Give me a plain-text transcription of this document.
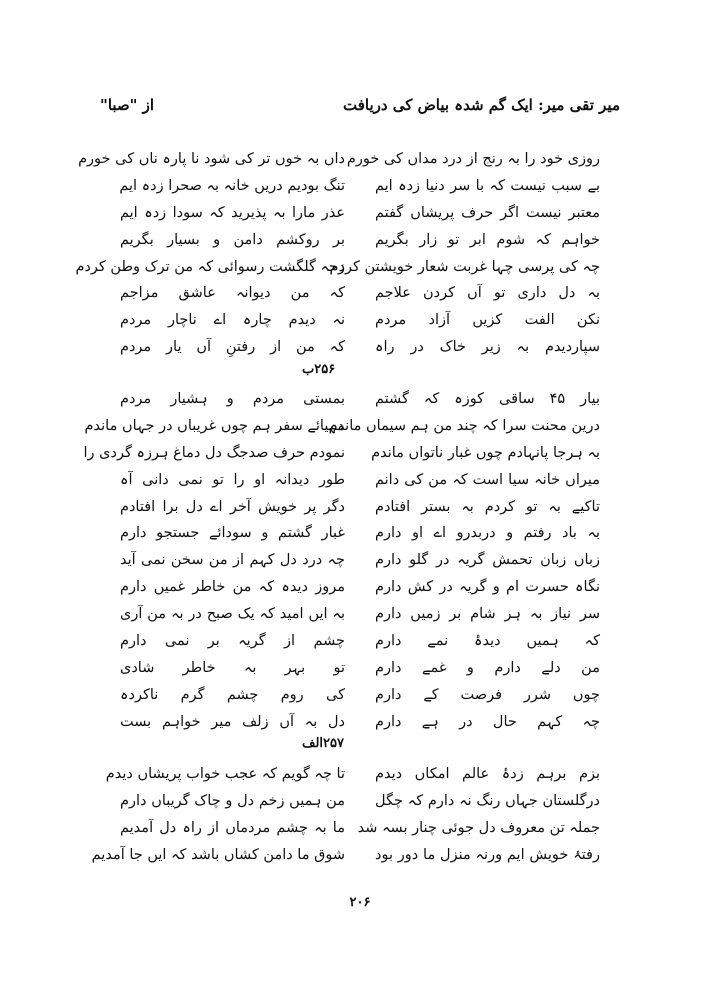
میر تقی میر: ایک گم شدہ بیاض کی دریافت
از "صبا"
روزی خود را بہ رنج از درد مداں کی خورم
داں بہ خوں تر کی شود نا پارہ ناں کی خورم
بے سبب نیست کہ با سر دنیا زدہ ایم
تنگ بودیم دریں خانہ بہ صحرا زدہ ایم
معتبر نیست اگر حرف پریشاں گفتم
عذر مارا بہ پذیرید کہ سودا زدہ ایم
خواہم کہ شوم ابر تو زار بگریم
بر روکشم دامن و بسیار بگریم
چہ کی پرسی چہا غربت شعار خویشتن کردم
زحہ گلگشت رسوائی کہ من ترک وطن کردم
بہ دل داری تو آں کردن علاجم
کہ من دیوانہ عاشق مزاجم
نکن الفت کزیں آزاد مردم
نہ دیدم چارہ اے ناچار مردم
سپاردیدم بہ زیر خاک در راہ
کہ من از رفتنِ آں یار مردم
۲۵۶ب
بیار ۴۵ ساقی کوزہ کہ گشتم
بمستی مردم و ہشیار مردم
درین محنت سرا کہ چند من ہم سیماں ماندم
مہیائے سفر ہم چوں غریباں در جہاں ماندم
بہ ہرجا پانہادم چوں غبار ناتواں ماندم
نمودم حرف صدجگ دل دماغ ہرزہ گردی را
میراں خانہ سیا است کہ من کی دانم
طور دیدانہ او را تو نمی دانی آہ
تاکیے بہ تو کردم بہ بستر افتادم
دگر پر خویش آخر اے دل برا افتادم
بہ باد رفتم و دربدرو اے او دارم
غبار گشتم و سودائے جستجو دارم
زباں زبان تحمش گریہ در گلو دارم
چہ درد دل کہم از من سخن نمی آید
نگاہ حسرت ام و گریہ در کش دارم
مروز دیدہ کہ من خاطر غمیں دارم
سر نیاز بہ ہر شام بر زمیں دارم
بہ ایں امید کہ یک صبح در بہ من آری
کہ ہمیں دیدۂ نمے دارم
چشم از گریہ بر نمی دارم
من دلے دارم و غمے دارم
تو بہر بہ خاطر شادی
چوں شرر فرصت کے دارم
کی روم چشم گرم ناکردہ
چہ کہم حال در ہے دارم
دل بہ آں زلف میر خواہم بست
۲۵۷الف
بزم برہم زدۂ عالم امکاں دیدم
تا چہ گویم کہ عجب خواب پریشاں دیدم
درگلستان جہاں رنگ نہ دارم کہ چگل
من ہمیں زخم دل و چاک گریباں دارم
جملہ تن معروف دل جوئی چنار بسہ شد
ما بہ چشم مردماں از راہ دل آمدیم
رفتۂ خویش ایم ورنہ منزل ما دور بود
شوق ما دامن کشاں باشد کہ ایں جا آمدیم
۲۰۶
